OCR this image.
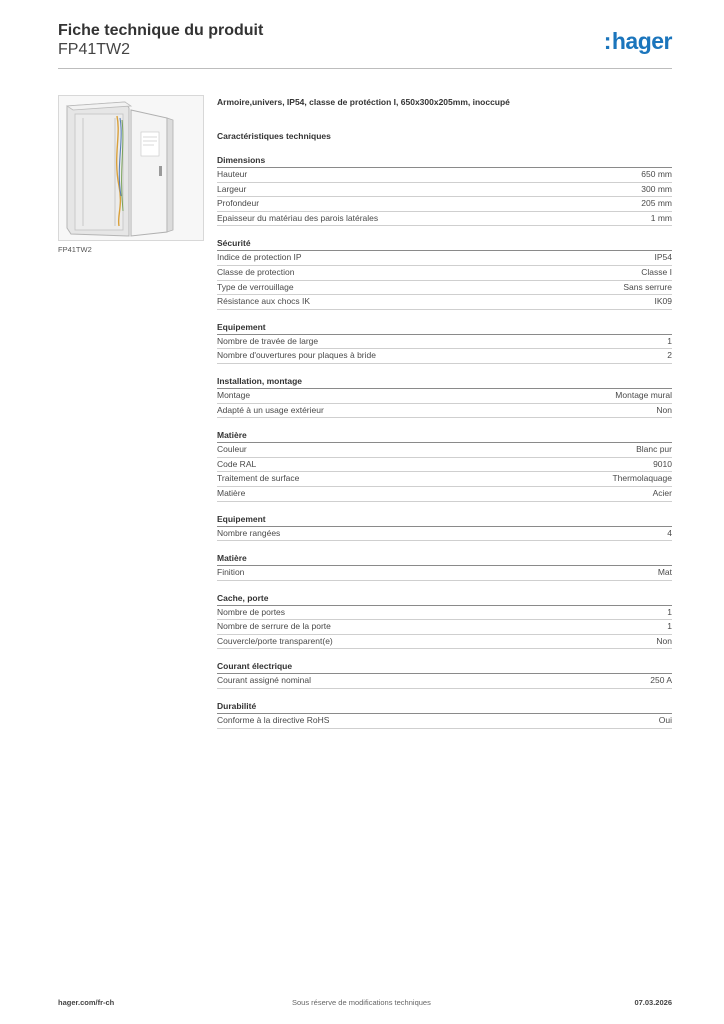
Fiche technique du produit
FP41TW2	:hager
FP41TW2
Armoire,univers, IP54, classe de protéction I, 650x300x205mm, inoccupé
Caractéristiques techniques
Dimensions
Hauteur	650 mm
Largeur	300 mm
Profondeur	205 mm
Epaisseur du matériau des parois latérales	1 mm
Sécurité
Indice de protection IP	IP54
Classe de protection	Classe I
Type de verrouillage	Sans serrure
Résistance aux chocs IK	IK09
Equipement
Nombre de travée de large	1
Nombre d'ouvertures pour plaques à bride	2
Installation, montage
Montage	Montage mural
Adapté à un usage extérieur	Non
Matière
Couleur	Blanc pur
Code RAL	9010
Traitement de surface	Thermolaquage
Matière	Acier
Equipement
Nombre rangées	4
Matière
Finition	Mat
Cache, porte
Nombre de portes	1
Nombre de serrure de la porte	1
Couvercle/porte transparent(e)	Non
Courant électrique
Courant assigné nominal	250 A
Durabilité
Conforme à la directive RoHS	Oui
hager.com/fr-ch	Sous réserve de modifications techniques	07.03.2026
